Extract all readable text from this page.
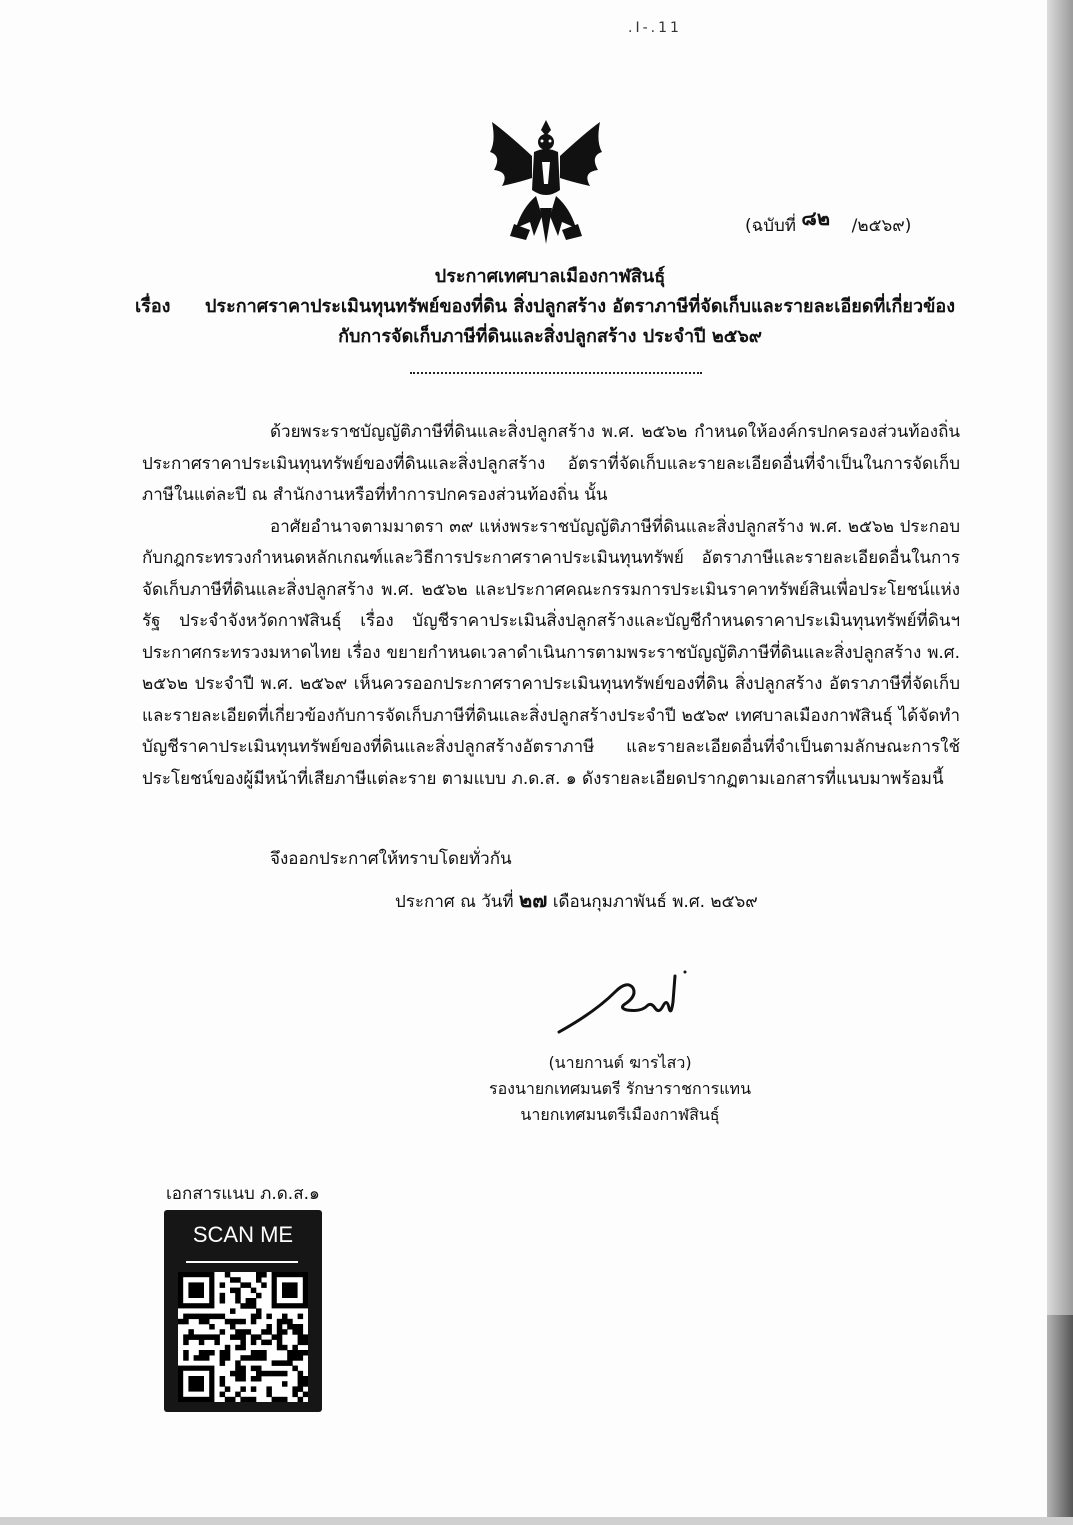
.I-.11
(ฉบับที่ ๘๒ /๒๕๖๙)
ประกาศเทศบาลเมืองกาฬสินธุ์
เรื่อง	ประกาศราคาประเมินทุนทรัพย์ของที่ดิน สิ่งปลูกสร้าง อัตราภาษีที่จัดเก็บและรายละเอียดที่เกี่ยวข้อง
กับการจัดเก็บภาษีที่ดินและสิ่งปลูกสร้าง ประจำปี ๒๕๖๙

ด้วยพระราชบัญญัติภาษีที่ดินและสิ่งปลูกสร้าง พ.ศ. ๒๕๖๒ กำหนดให้องค์กรปกครองส่วนท้องถิ่น ประกาศราคาประเมินทุนทรัพย์ของที่ดินและสิ่งปลูกสร้าง อัตราที่จัดเก็บและรายละเอียดอื่นที่จำเป็นในการจัดเก็บภาษีในแต่ละปี ณ สำนักงานหรือที่ทำการปกครองส่วนท้องถิ่น นั้น

อาศัยอำนาจตามมาตรา ๓๙ แห่งพระราชบัญญัติภาษีที่ดินและสิ่งปลูกสร้าง พ.ศ. ๒๕๖๒ ประกอบกับกฎกระทรวงกำหนดหลักเกณฑ์และวิธีการประกาศราคาประเมินทุนทรัพย์ อัตราภาษีและรายละเอียดอื่นในการจัดเก็บภาษีที่ดินและสิ่งปลูกสร้าง พ.ศ. ๒๕๖๒ และประกาศคณะกรรมการประเมินราคาทรัพย์สินเพื่อประโยชน์แห่งรัฐ ประจำจังหวัดกาฬสินธุ์ เรื่อง บัญชีราคาประเมินสิ่งปลูกสร้างและบัญชีกำหนดราคาประเมินทุนทรัพย์ที่ดินฯ ประกาศกระทรวงมหาดไทย เรื่อง ขยายกำหนดเวลาดำเนินการตามพระราชบัญญัติภาษีที่ดินและสิ่งปลูกสร้าง พ.ศ. ๒๕๖๒ ประจำปี พ.ศ. ๒๕๖๙ เห็นควรออกประกาศราคาประเมินทุนทรัพย์ของที่ดิน สิ่งปลูกสร้าง อัตราภาษีที่จัดเก็บ และรายละเอียดที่เกี่ยวข้องกับการจัดเก็บภาษีที่ดินและสิ่งปลูกสร้างประจำปี ๒๕๖๙ เทศบาลเมืองกาฬสินธุ์ ได้จัดทำบัญชีราคาประเมินทุนทรัพย์ของที่ดินและสิ่งปลูกสร้างอัตราภาษี และรายละเอียดอื่นที่จำเป็นตามลักษณะการใช้ประโยชน์ของผู้มีหน้าที่เสียภาษีแต่ละราย ตามแบบ ภ.ด.ส. ๑ ดังรายละเอียดปรากฏตามเอกสารที่แนบมาพร้อมนี้

จึงออกประกาศให้ทราบโดยทั่วกัน
ประกาศ ณ วันที่ ๒๗ เดือนกุมภาพันธ์ พ.ศ. ๒๕๖๙
(นายกานต์ ฆารไสว)
รองนายกเทศมนตรี รักษาราชการแทน
นายกเทศมนตรีเมืองกาฬสินธุ์
เอกสารแนบ ภ.ด.ส.๑
SCAN ME
